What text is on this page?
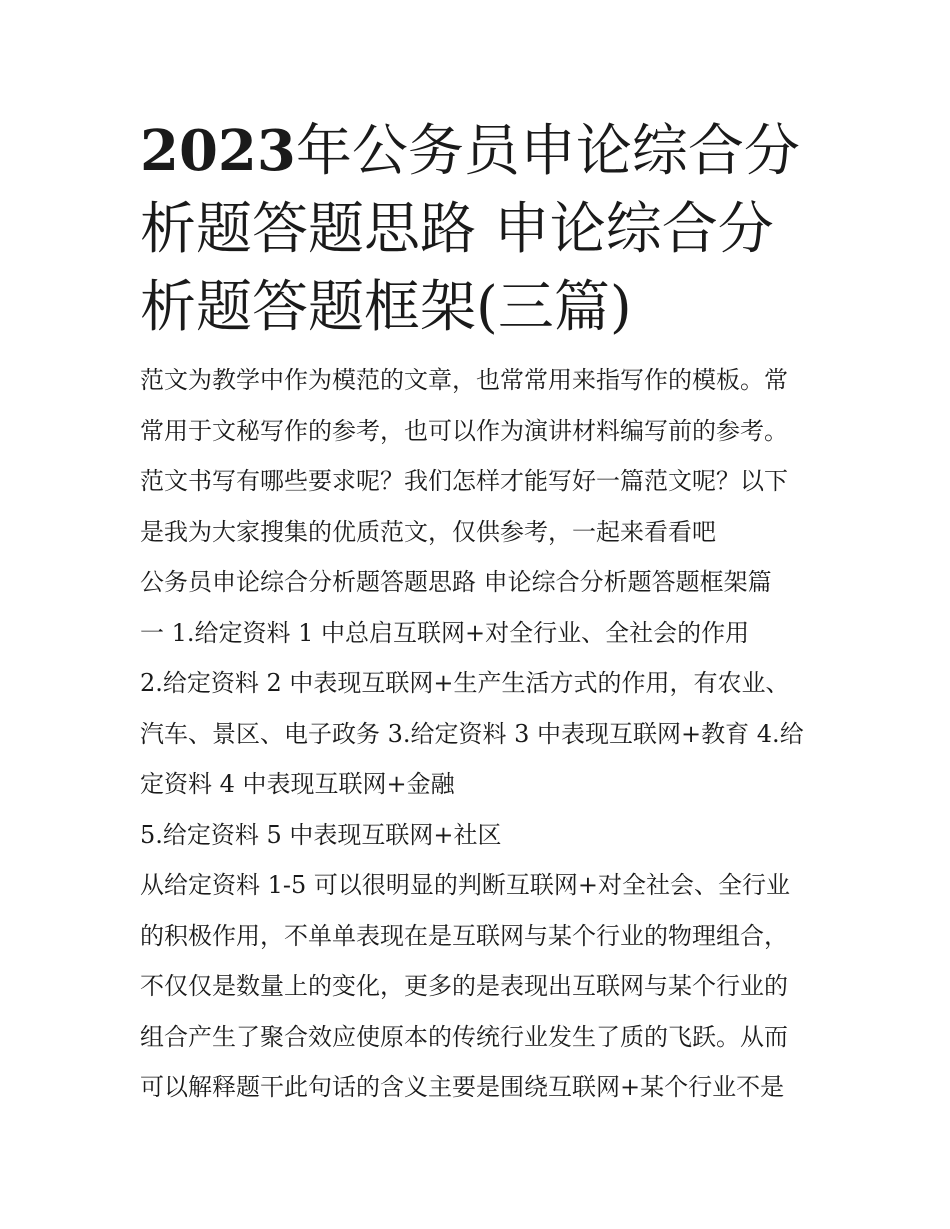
2023年公务员申论综合分析题答题思路 申论综合分析题答题框架(三篇)
范文为教学中作为模范的文章，也常常用来指写作的模板。常
常用于文秘写作的参考，也可以作为演讲材料编写前的参考。
范文书写有哪些要求呢？我们怎样才能写好一篇范文呢？以下
是我为大家搜集的优质范文，仅供参考，一起来看看吧
公务员申论综合分析题答题思路 申论综合分析题答题框架篇
一 1.给定资料 1 中总启互联网+对全行业、全社会的作用
2.给定资料 2 中表现互联网+生产生活方式的作用，有农业、
汽车、景区、电子政务 3.给定资料 3 中表现互联网+教育 4.给
定资料 4 中表现互联网+金融
5.给定资料 5 中表现互联网+社区
从给定资料 1-5 可以很明显的判断互联网+对全社会、全行业
的积极作用，不单单表现在是互联网与某个行业的物理组合，
不仅仅是数量上的变化，更多的是表现出互联网与某个行业的
组合产生了聚合效应使原本的传统行业发生了质的飞跃。从而
可以解释题干此句话的含义主要是围绕互联网+某个行业不是
